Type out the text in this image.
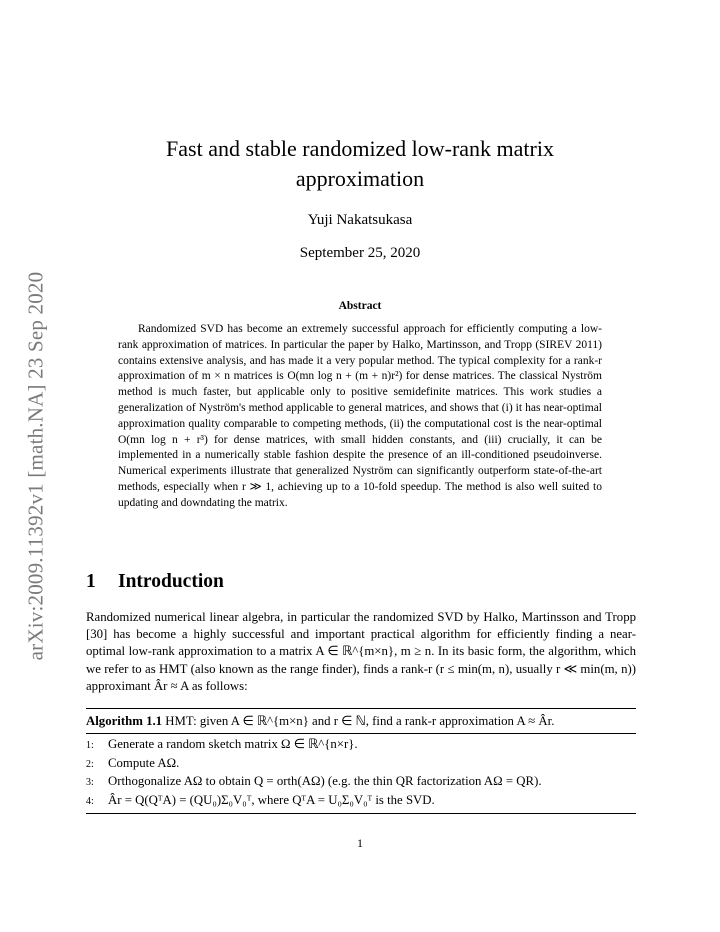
arXiv:2009.11392v1 [math.NA] 23 Sep 2020
Fast and stable randomized low-rank matrix approximation
Yuji Nakatsukasa
September 25, 2020
Abstract

Randomized SVD has become an extremely successful approach for efficiently computing a low-rank approximation of matrices. In particular the paper by Halko, Martinsson, and Tropp (SIREV 2011) contains extensive analysis, and has made it a very popular method. The typical complexity for a rank-r approximation of m × n matrices is O(mn log n + (m + n)r²) for dense matrices. The classical Nyström method is much faster, but applicable only to positive semidefinite matrices. This work studies a generalization of Nyström's method applicable to general matrices, and shows that (i) it has near-optimal approximation quality comparable to competing methods, (ii) the computational cost is the near-optimal O(mn log n + r³) for dense matrices, with small hidden constants, and (iii) crucially, it can be implemented in a numerically stable fashion despite the presence of an ill-conditioned pseudoinverse. Numerical experiments illustrate that generalized Nyström can significantly outperform state-of-the-art methods, especially when r ≫ 1, achieving up to a 10-fold speedup. The method is also well suited to updating and downdating the matrix.

1 Introduction

Randomized numerical linear algebra, in particular the randomized SVD by Halko, Martinsson and Tropp [30] has become a highly successful and important practical algorithm for efficiently finding a near-optimal low-rank approximation to a matrix A ∈ ℝ^{m×n}, m ≥ n. In its basic form, the algorithm, which we refer to as HMT (also known as the range finder), finds a rank-r (r ≤ min(m, n), usually r ≪ min(m, n)) approximant Âr ≈ A as follows:

Algorithm 1.1 HMT: given A ∈ ℝ^{m×n} and r ∈ ℕ, find a rank-r approximation A ≈ Âr.
1: Generate a random sketch matrix Ω ∈ ℝ^{n×r}.
2: Compute AΩ.
3: Orthogonalize AΩ to obtain Q = orth(AΩ) (e.g. the thin QR factorization AΩ = QR).
4: Âr = Q(QᵀA) = (QU₀)Σ₀V₀ᵀ, where QᵀA = U₀Σ₀V₀ᵀ is the SVD.
1
